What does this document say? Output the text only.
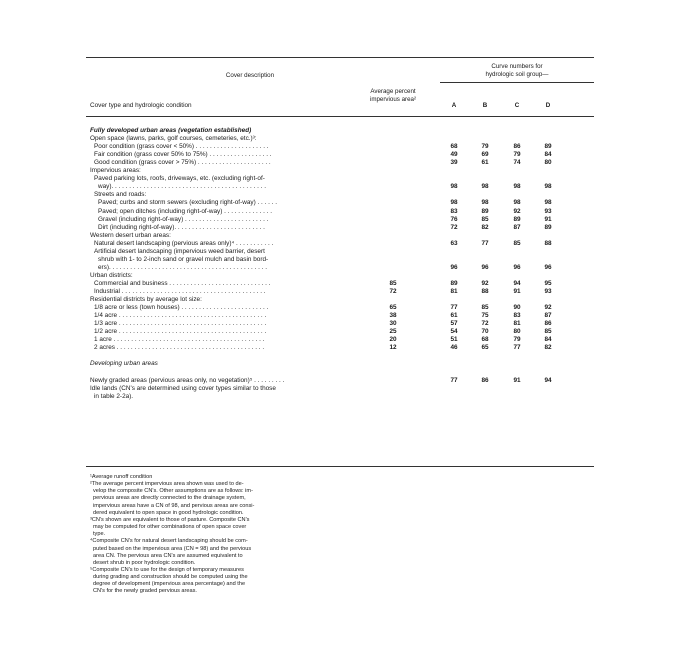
Cover description
Curve numbers for
hydrologic soil group—
Cover type and hydrologic condition
Average percent
impervious area²
A	B	C	D
Fully developed urban areas (vegetation established)
Open space (lawns, parks, golf courses, cemeteries, etc.)³:
Poor condition (grass cover < 50%) . . . . . . . . . . . . . . . . . . . . .	68	79	86	89
Fair condition (grass cover 50% to 75%) . . . . . . . . . . . . . . . . . .	49	69	79	84
Good condition (grass cover > 75%) . . . . . . . . . . . . . . . . . . . . .	39	61	74	80
Impervious areas:
Paved parking lots, roofs, driveways, etc. (excluding right-of-
way). . . . . . . . . . . . . . . . . . . . . . . . . . . . . . . . . . . . . . . . . . . .	98	98	98	98
Streets and roads:
Paved; curbs and storm sewers (excluding right-of-way) . . . . . .	98	98	98	98
Paved; open ditches (including right-of-way) . . . . . . . . . . . . . .	83	89	92	93
Gravel (including right-of-way) . . . . . . . . . . . . . . . . . . . . . . . .	76	85	89	91
Dirt (including right-of-way). . . . . . . . . . . . . . . . . . . . . . . . . .	72	82	87	89
Western desert urban areas:
Natural desert landscaping (pervious areas only)⁴ . . . . . . . . . . .	63	77	85	88
Artificial desert landscaping (impervious weed barrier, desert
shrub with 1- to 2-inch sand or gravel mulch and basin bord-
ers). . . . . . . . . . . . . . . . . . . . . . . . . . . . . . . . . . . . . . . . . . . . .	96	96	96	96
Urban districts:
Commercial and business . . . . . . . . . . . . . . . . . . . . . . . . . . . . .	85	89	92	94	95
Industrial . . . . . . . . . . . . . . . . . . . . . . . . . . . . . . . . . . . . . . . . .	72	81	88	91	93
Residential districts by average lot size:
1/8 acre or less (town houses) . . . . . . . . . . . . . . . . . . . . . . . . .	65	77	85	90	92
1/4 acre . . . . . . . . . . . . . . . . . . . . . . . . . . . . . . . . . . . . . . . . . .	38	61	75	83	87
1/3 acre . . . . . . . . . . . . . . . . . . . . . . . . . . . . . . . . . . . . . . . . . .	30	57	72	81	86
1/2 acre . . . . . . . . . . . . . . . . . . . . . . . . . . . . . . . . . . . . . . . . . .	25	54	70	80	85
1 acre . . . . . . . . . . . . . . . . . . . . . . . . . . . . . . . . . . . . . . . . . . .	20	51	68	79	84
2 acres . . . . . . . . . . . . . . . . . . . . . . . . . . . . . . . . . . . . . . . . . .	12	46	65	77	82
Developing urban areas
Newly graded areas (pervious areas only, no vegetation)⁵ . . . . . . . . .	77	86	91	94
Idle lands (CN's are determined using cover types similar to those
in table 2-2a).
¹Average runoff condition
²The average percent impervious area shown was used to de-
velop the composite CN's. Other assumptions are as follows: im-
pervious areas are directly connected to the drainage system,
impervious areas have a CN of 98, and pervious areas are consi-
dered equivalent to open space in good hydrologic condition.
³CN's shown are equivalent to those of pasture. Composite CN's
may be computed for other combinations of open space cover
type.
⁴Composite CN's for natural desert landscaping should be com-
puted based on the impervious area (CN = 98) and the pervious
area CN. The pervious area CN's are assumed equivalent to
desert shrub in poor hydrologic condition.
⁵Composite CN's to use for the design of temporary measures
during grading and construction should be computed using the
degree of development (impervious area percentage) and the
CN's for the newly graded pervious areas.
